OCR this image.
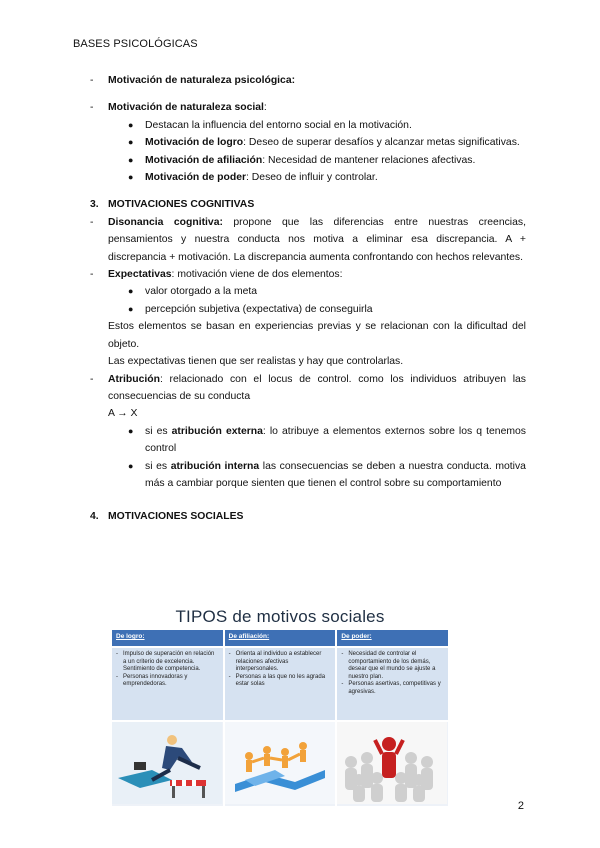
BASES PSICOLÓGICAS
- Motivación de naturaleza psicológica:
- Motivación de naturaleza social:
● Destacan la influencia del entorno social en la motivación.
● Motivación de logro: Deseo de superar desafíos y alcanzar metas significativas.
● Motivación de afiliación: Necesidad de mantener relaciones afectivas.
● Motivación de poder: Deseo de influir y controlar.
3. MOTIVACIONES COGNITIVAS
- Disonancia cognitiva: propone que las diferencias entre nuestras creencias, pensamientos y nuestra conducta nos motiva a eliminar esa discrepancia. A + discrepancia + motivación. La discrepancia aumenta confrontando con hechos relevantes.
- Expectativas: motivación viene de dos elementos:
● valor otorgado a la meta
● percepción subjetiva (expectativa) de conseguirla
Estos elementos se basan en experiencias previas y se relacionan con la dificultad del objeto.
Las expectativas tienen que ser realistas y hay que controlarlas.
- Atribución: relacionado con el locus de control. como los individuos atribuyen las consecuencias de su conducta
A → X
● si es atribución externa: lo atribuye a elementos externos sobre los q tenemos control
● si es atribución interna las consecuencias se deben a nuestra conducta. motiva más a cambiar porque sienten que tienen el control sobre su comportamiento
4. MOTIVACIONES SOCIALES
TIPOS de motivos sociales
De logro:
- Impulso de superación en relación a un criterio de excelencia. Sentimiento de competencia.
- Personas innovadoras y emprendedoras.
De afiliación:
- Orienta al individuo a establecer relaciones afectivas interpersonales.
- Personas a las que no les agrada estar solas
De poder:
- Necesidad de controlar el comportamiento de los demás, desear que el mundo se ajuste a nuestro plan.
- Personas asertivas, competitivas y agresivas.
2
